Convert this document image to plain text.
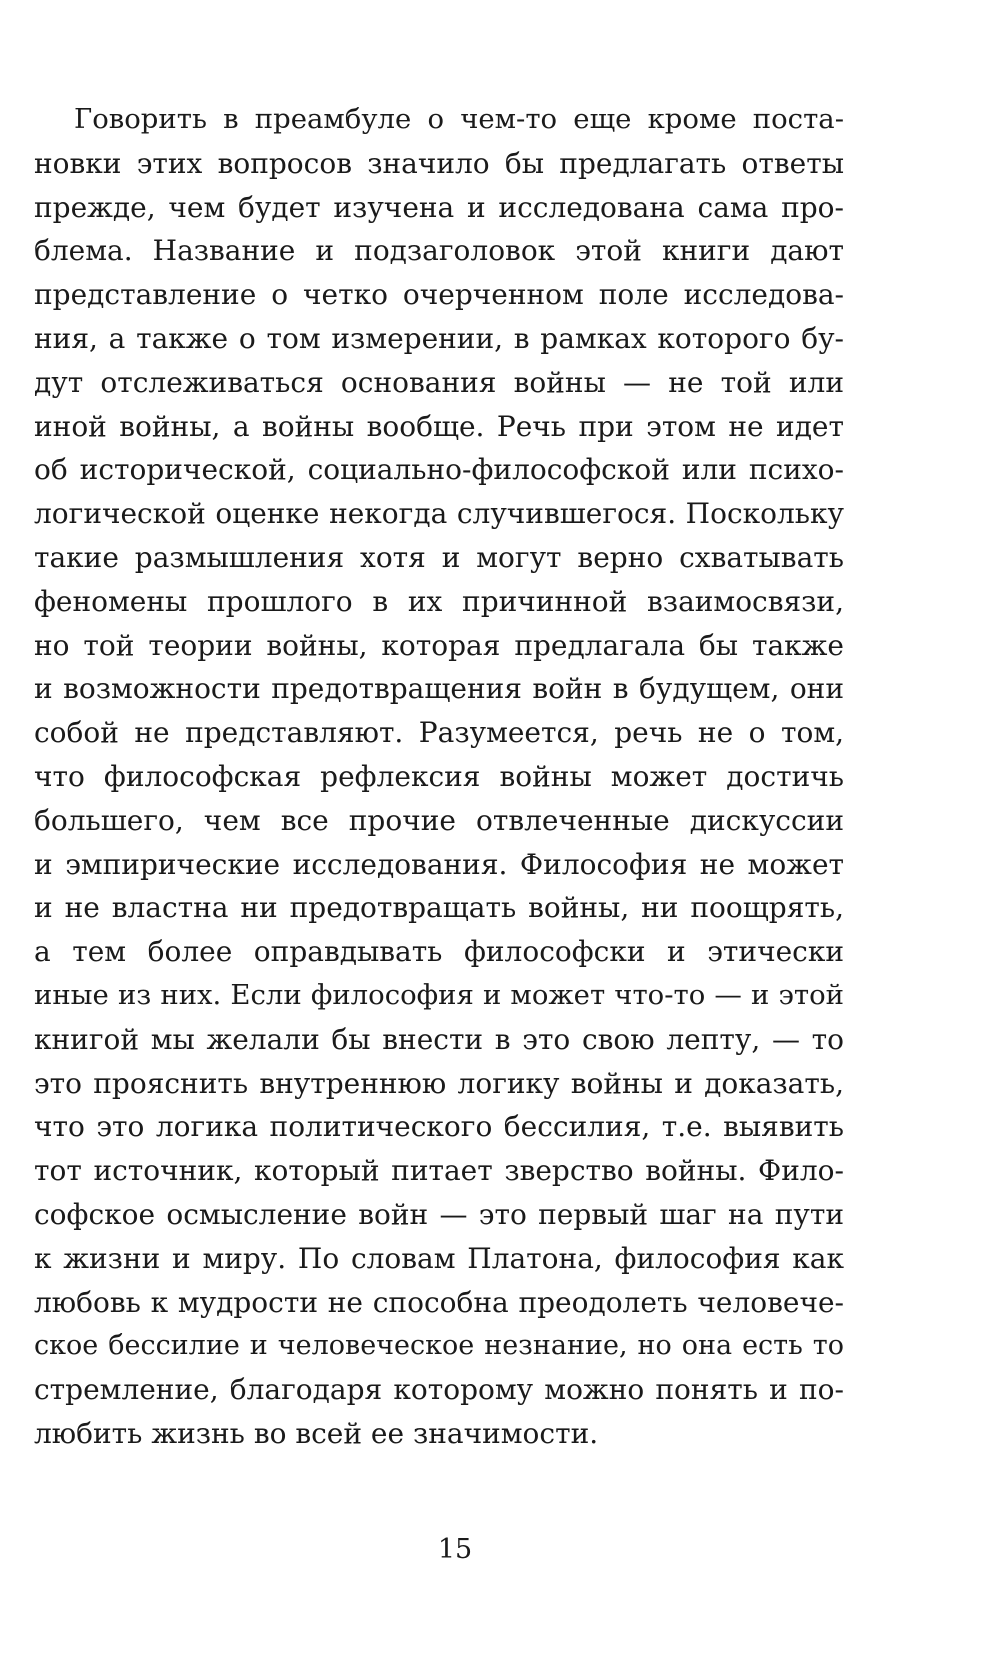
Говорить в преамбуле о чем-то еще кроме поста-
новки этих вопросов значило бы предлагать ответы
прежде, чем будет изучена и исследована сама про-
блема. Название и подзаголовок этой книги дают
представление о четко очерченном поле исследова-
ния, а также о том измерении, в рамках которого бу-
дут отслеживаться основания войны — не той или
иной войны, а войны вообще. Речь при этом не идет
об исторической, социально-философской или психо-
логической оценке некогда случившегося. Поскольку
такие размышления хотя и могут верно схватывать
феномены прошлого в их причинной взаимосвязи,
но той теории войны, которая предлагала бы также
и возможности предотвращения войн в будущем, они
собой не представляют. Разумеется, речь не о том,
что философская рефлексия войны может достичь
большего, чем все прочие отвлеченные дискуссии
и эмпирические исследования. Философия не может
и не властна ни предотвращать войны, ни поощрять,
а тем более оправдывать философски и этически
иные из них. Если философия и может что-то — и этой
книгой мы желали бы внести в это свою лепту, — то
это прояснить внутреннюю логику войны и доказать,
что это логика политического бессилия, т.е. выявить
тот источник, который питает зверство войны. Фило-
софское осмысление войн — это первый шаг на пути
к жизни и миру. По словам Платона, философия как
любовь к мудрости не способна преодолеть человече-
ское бессилие и человеческое незнание, но она есть то
стремление, благодаря которому можно понять и по-
любить жизнь во всей ее значимости.
15
